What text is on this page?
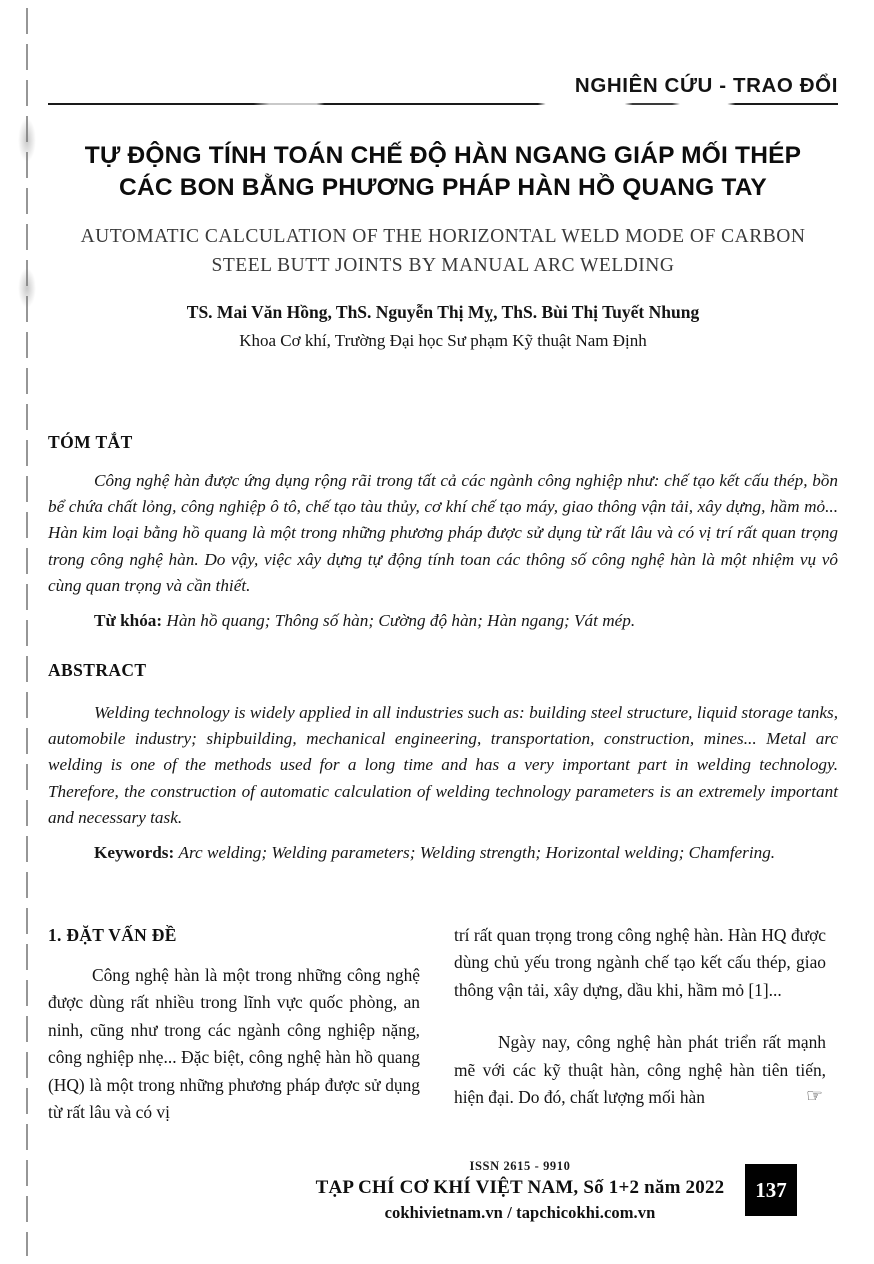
NGHIÊN CỨU - TRAO ĐỔI
TỰ ĐỘNG TÍNH TOÁN CHẾ ĐỘ HÀN NGANG GIÁP MỐI THÉP
CÁC BON BẰNG PHƯƠNG PHÁP HÀN HỒ QUANG TAY
AUTOMATIC CALCULATION OF THE HORIZONTAL WELD MODE OF CARBON
STEEL BUTT JOINTS BY MANUAL ARC WELDING
TS. Mai Văn Hồng, ThS. Nguyễn Thị Mỵ, ThS. Bùi Thị Tuyết Nhung
Khoa Cơ khí, Trường Đại học Sư phạm Kỹ thuật Nam Định
TÓM TẮT

Công nghệ hàn được ứng dụng rộng rãi trong tất cả các ngành công nghiệp như: chế tạo kết cấu thép, bồn bể chứa chất lỏng, công nghiệp ô tô, chế tạo tàu thủy, cơ khí chế tạo máy, giao thông vận tải, xây dựng, hầm mỏ... Hàn kim loại bằng hồ quang là một trong những phương pháp được sử dụng từ rất lâu và có vị trí rất quan trọng trong công nghệ hàn. Do vậy, việc xây dựng tự động tính toan các thông số công nghệ hàn là một nhiệm vụ vô cùng quan trọng và cần thiết.

Từ khóa: Hàn hồ quang; Thông số hàn; Cường độ hàn; Hàn ngang; Vát mép.
ABSTRACT

Welding technology is widely applied in all industries such as: building steel structure, liquid storage tanks, automobile industry; shipbuilding, mechanical engineering, transportation, construction, mines... Metal arc welding is one of the methods used for a long time and has a very important part in welding technology. Therefore, the construction of automatic calculation of welding technology parameters is an extremely important and necessary task.

Keywords: Arc welding; Welding parameters; Welding strength; Horizontal welding; Chamfering.
1. ĐẶT VẤN ĐỀ

Công nghệ hàn là một trong những công nghệ được dùng rất nhiều trong lĩnh vực quốc phòng, an ninh, cũng như trong các ngành công nghiệp nặng, công nghiệp nhẹ... Đặc biệt, công nghệ hàn hồ quang (HQ) là một trong những phương pháp được sử dụng từ rất lâu và có vị

trí rất quan trọng trong công nghệ hàn. Hàn HQ được dùng chủ yếu trong ngành chế tạo kết cấu thép, giao thông vận tải, xây dựng, dầu khi, hầm mỏ [1]...

Ngày nay, công nghệ hàn phát triển rất mạnh mẽ với các kỹ thuật hàn, công nghệ hàn tiên tiến, hiện đại. Do đó, chất lượng mối hàn	☞
ISSN 2615 - 9910
TẠP CHÍ CƠ KHÍ VIỆT NAM, Số 1+2 năm 2022
cokhivietnam.vn / tapchicokhi.com.vn
137
